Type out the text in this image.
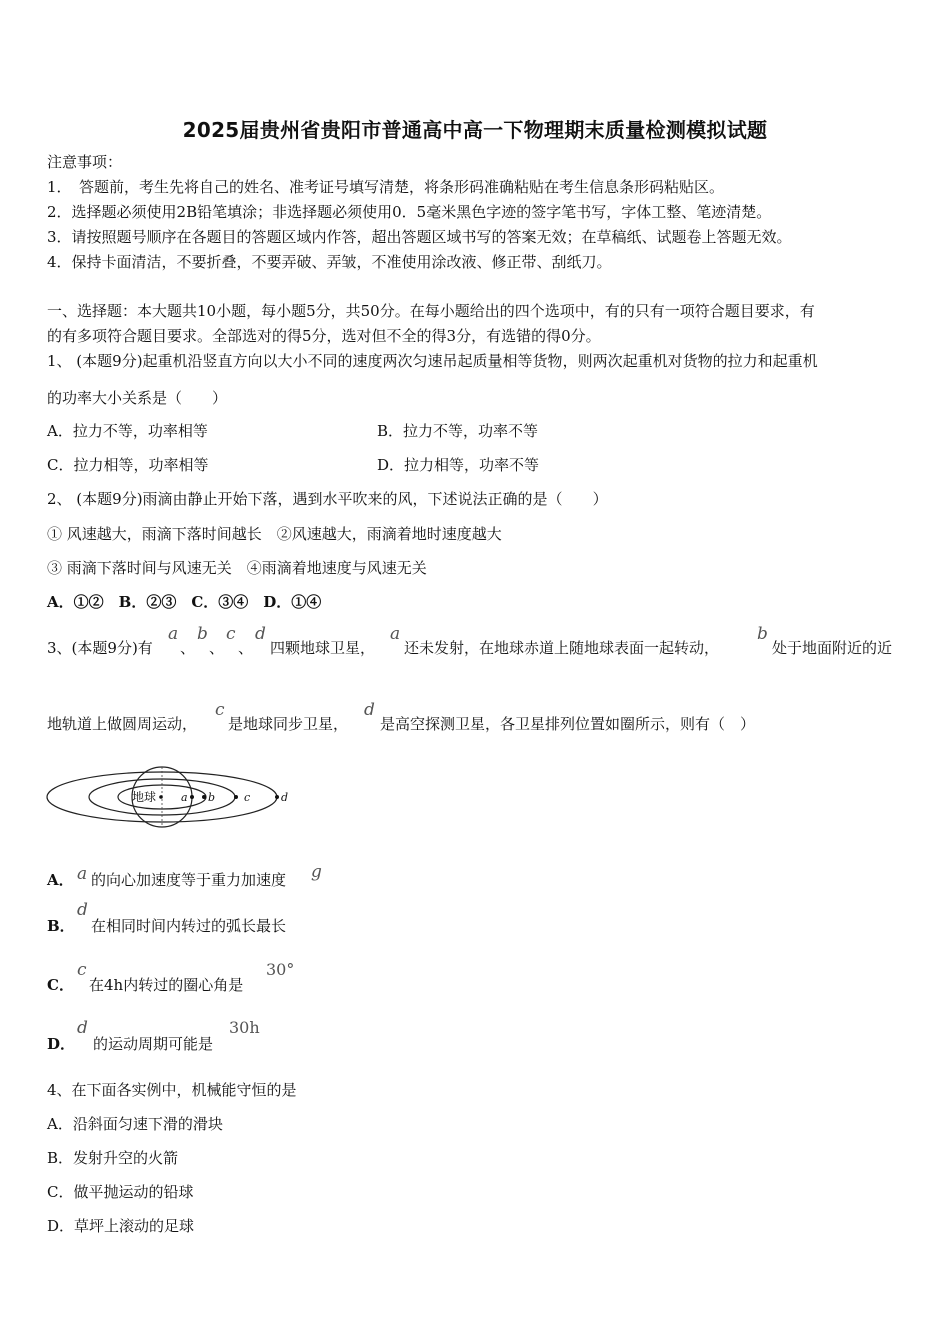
2025届贵州省贵阳市普通高中高一下物理期末质量检测模拟试题
注意事项：
1．　答题前，考生先将自己的姓名、准考证号填写清楚，将条形码准确粘贴在考生信息条形码粘贴区。
2．选择题必须使用2B铅笔填涂；非选择题必须使用0．5毫米黑色字迹的签字笔书写，字体工整、笔迹清楚。
3．请按照题号顺序在各题目的答题区域内作答，超出答题区域书写的答案无效；在草稿纸、试题卷上答题无效。
4．保持卡面清洁，不要折叠，不要弄破、弄皱，不准使用涂改液、修正带、刮纸刀。
一、选择题：本大题共10小题，每小题5分，共50分。在每小题给出的四个选项中，有的只有一项符合题目要求，有
的有多项符合题目要求。全部选对的得5分，选对但不全的得3分，有选错的得0分。
1、 (本题9分)起重机沿竖直方向以大小不同的速度两次匀速吊起质量相等货物，则两次起重机对货物的拉力和起重机
的功率大小关系是（　　）
A．拉力不等，功率相等	B．拉力不等，功率不等
C．拉力相等，功率相等	D．拉力相等，功率不等
2、 (本题9分)雨滴由静止开始下落，遇到水平吹来的风，下述说法正确的是（　　）
① 风速越大，雨滴下落时间越长　②风速越大，雨滴着地时速度越大
③ 雨滴下落时间与风速无关　④雨滴着地速度与风速无关
A．①②　B．②③　C．③④　D．①④
3、(本题9分)有
a
、
b
、
c
、
d
四颗地球卫星，
a
还未发射，在地球赤道上随地球表面一起转动，
b
处于地面附近的近
地轨道上做圆周运动，
c
是地球同步卫星，
d
是高空探测卫星，各卫星排列位置如圈所示，则有（　）
地球 a b	c	d
A． a 的向心加速度等于重力加速度 g
B．
d
在相同时间内转过的弧长最长
C．
c
在4h内转过的圈心角是
30°
D．
d
的运动周期可能是
30h
4、在下面各实例中，机械能守恒的是
A．沿斜面匀速下滑的滑块
B．发射升空的火箭
C．做平抛运动的铅球
D．草坪上滚动的足球
